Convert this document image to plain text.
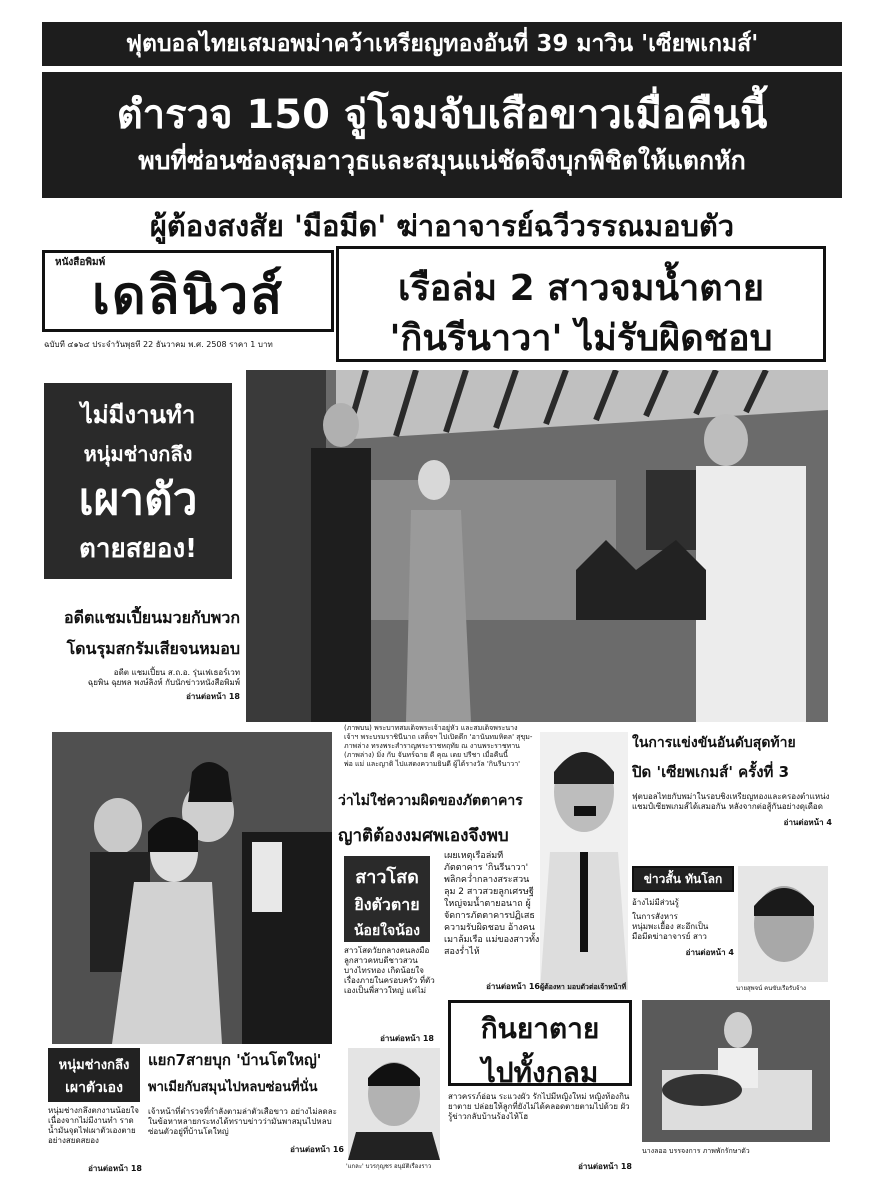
ฟุตบอลไทยเสมอพม่าคว้าเหรียญทองอันที่ 39 มาวิน 'เซียพเกมส์'
ตำรวจ 150 จู่โจมจับเสือขาวเมื่อคืนนี้
พบที่ซ่อนซ่องสุมอาวุธและสมุนแน่ชัดจึงบุกพิชิตให้แตกหัก
ผู้ต้องสงสัย 'มือมีด' ฆ่าอาจารย์ฉวีวรรณมอบตัว
หนังสือพิมพ์
เดลินิวส์
ฉบับที่ ๔๑๖๔ ประจำวันพุธที่ 22 ธันวาคม พ.ศ. 2508 ราคา 1 บาท
เรือล่ม 2 สาวจมน้ำตาย
'กินรีนาวา' ไม่รับผิดชอบ
ไม่มีงานทำ
หนุ่มช่างกลึง
เผาตัว
ตายสยอง!
อดีตแชมเปี้ยนมวยกับพวก
โดนรุมสกรัมเสียจนหมอบ
อดีต แชมเปี้ยน ส.ถ.อ. รุ่นเฟเธอร์เวท
ฉุยพิน ฉุยพล พงษ์ลิงห์ กับนักข่าวหนังสือพิมพ์
อ่านต่อหน้า 18
(ภาพบน) พระบาทสมเด็จพระเจ้าอยู่หัว และสมเด็จพระนาง
เจ้าฯ พระบรมราชินีนาถ เสด็จฯ ไปเปิดตึก 'อานันทมหิดล' สุขุม-
ภาพล่าง ทรงพระสำราญพระราชหฤทัย ณ งานพระราชทาน
(ภาพล่าง) มิ่ง กับ จันทร์ฉาย ดี คุณ เดย ปรีชา เมื่อคืนนี้
พ่อ แม่ และญาติ ไปแสดงความยินดี ผู้ได้รางวัล 'กินรีนาวา'
ว่าไม่ใช่ความผิดของภัตตาคาร
ญาติต้องงมศพเองจึงพบ
เผยเหตุเรือล่มที่ภัตตาคาร 'กินรีนาวา' พลิกคว่ำกลางสระสวนลุม 2 สาวสวยลูกเศรษฐีใหญ่จมน้ำตายอนาถ ผู้จัดการภัตตาคารปฏิเสธความรับผิดชอบ อ้างคนเมาล้มเรือ แม่ของสาวทั้งสองร่ำไห้
อ่านต่อหน้า 16
สาวโสด
ยิงตัวตาย
น้อยใจน้อง
สาวโสดวัยกลางคนลงมือลูกสาวคหบดีชาวสวนบางไทรทอง เกิดน้อยใจเรื่องภายในครอบครัว ที่ตัวเองเป็นพี่สาวใหญ่ แต่ไม่
อ่านต่อหน้า 18
ผู้ต้องหา มอบตัวต่อเจ้าหน้าที่
ในการแข่งขันอันดับสุดท้าย
ปิด 'เซียพเกมส์' ครั้งที่ 3
ฟุตบอลไทยกับพม่าในรอบชิงเหรียญทองและครองตำแหน่งแชมป์เซียพเกมส์ได้เสมอกัน หลังจากต่อสู้กันอย่างดุเดือด
อ่านต่อหน้า 4
ข่าวสั้น ทันโลก
อ้างไม่มีส่วนรู้
ในการสังหาร
หนุ่มพะเยื้อง สะอึกเป็น
มือมีดฆ่าอาจารย์ สาว
อ่านต่อหน้า 4
นายสุพจน์ คนขับเรือรับจ้าง
กินยาตาย
ไปทั้งกลม
สาวครรภ์อ่อน ระแวงผัว รักไปมีหญิงใหม่ หญิงท้องกินยาตาย ปล่อยให้ลูกที่ยังไม่ได้คลอดตายตามไปด้วย ผัวรู้ข่าวกลับบ้านร้องไห้โฮ
อ่านต่อหน้า 18
นางลออ บรรจงการ ภาพพักรักษาตัว
หนุ่มช่างกลึง
เผาตัวเอง
หนุ่มช่างกลึงตกงานน้อยใจ เนื่องจากไม่มีงานทำ ราดน้ำมันจุดไฟเผาตัวเองตายอย่างสยดสยอง
อ่านต่อหน้า 18
แยก7สายบุก 'บ้านโตใหญ่'
พาเมียกับสมุนไปหลบซ่อนที่นั่น
เจ้าหน้าที่ตำรวจที่กำลังตามล่าตัวเสือขาว อย่างไม่ลดละในข้อหาหลายกระทงได้ทราบข่าวว่ามันพาสมุนไปหลบซ่อนตัวอยู่ที่บ้านโตใหญ่
อ่านต่อหน้า 16
'แกละ' บวรกุญชร อนุมัติเรื่องราว
